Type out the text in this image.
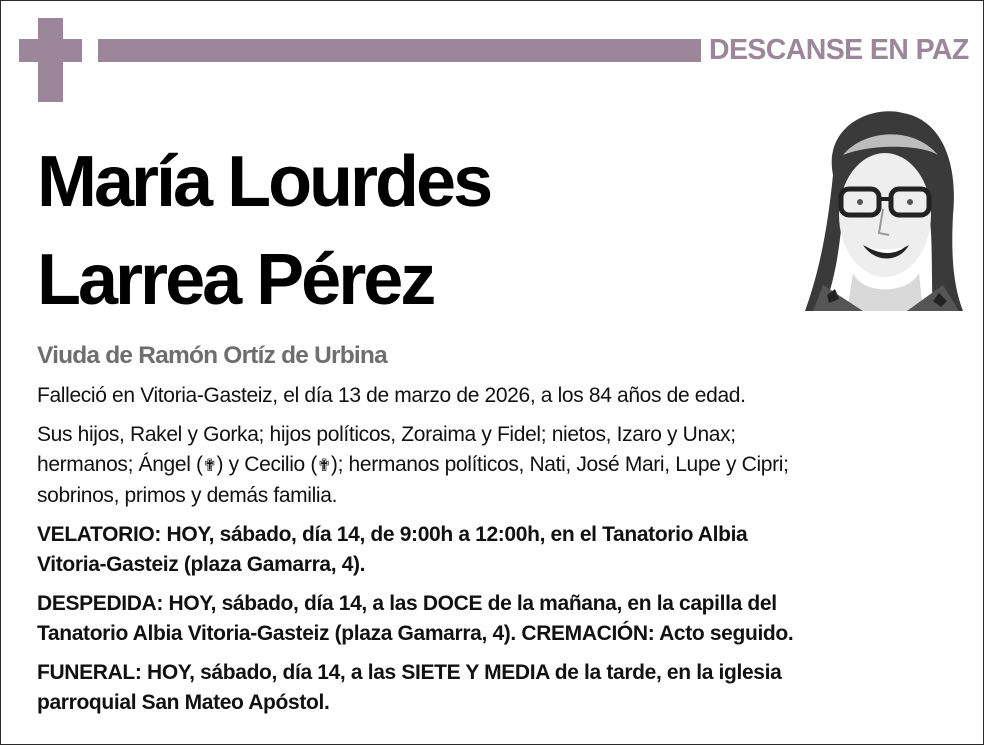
DESCANSE EN PAZ
María Lourdes
Larrea Pérez
Viuda de Ramón Ortíz de Urbina

Falleció en Vitoria-Gasteiz, el día 13 de marzo de 2026, a los 84 años de edad.

Sus hijos, Rakel y Gorka; hijos políticos, Zoraima y Fidel; nietos, Izaro y Unax;
hermanos; Ángel (✟) y Cecilio (✟); hermanos políticos, Nati, José Mari, Lupe y Cipri;
sobrinos, primos y demás familia.

VELATORIO: HOY, sábado, día 14, de 9:00h a 12:00h, en el Tanatorio Albia
Vitoria-Gasteiz (plaza Gamarra, 4).

DESPEDIDA: HOY, sábado, día 14, a las DOCE de la mañana, en la capilla del
Tanatorio Albia Vitoria-Gasteiz (plaza Gamarra, 4). CREMACIÓN: Acto seguido.

FUNERAL: HOY, sábado, día 14, a las SIETE Y MEDIA de la tarde, en la iglesia
parroquial San Mateo Apóstol.
